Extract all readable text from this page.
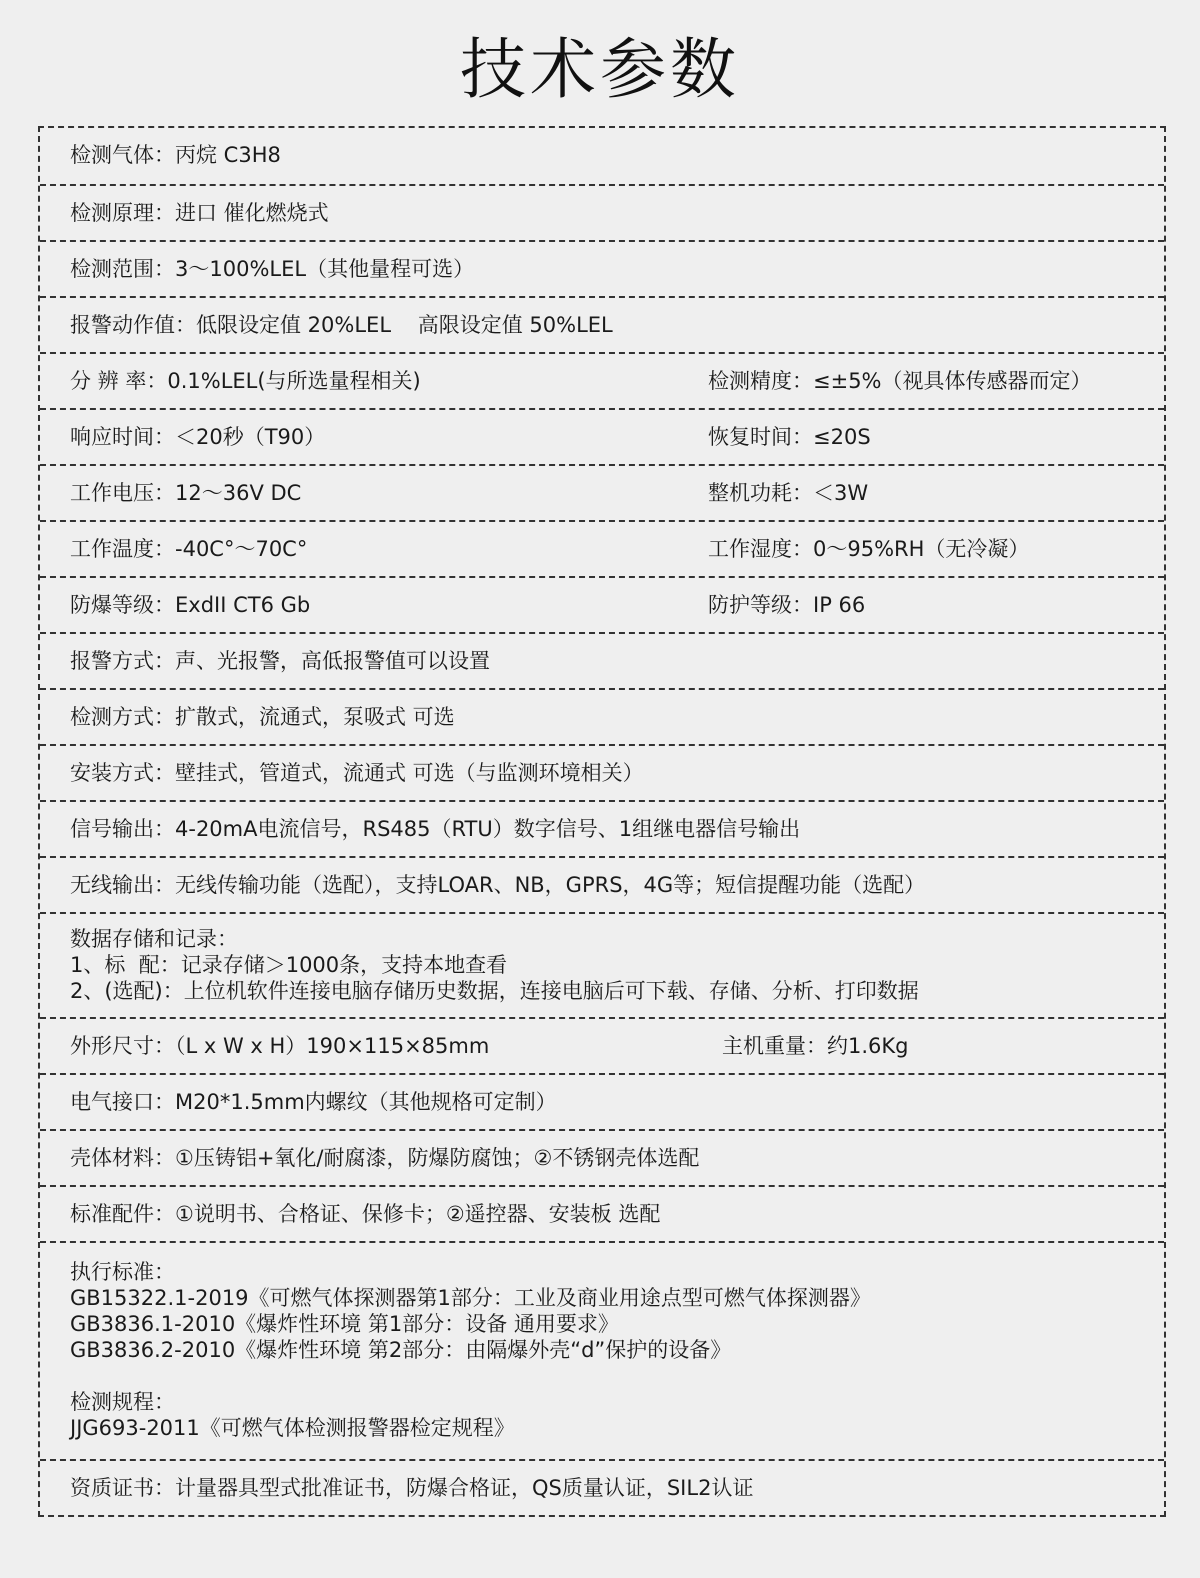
技术参数
检测气体：丙烷 C3H8
检测原理：进口 催化燃烧式
检测范围：3～100%LEL（其他量程可选）
报警动作值：低限设定值 20%LEL    高限设定值 50%LEL
分 辨 率：0.1%LEL(与所选量程相关)	检测精度：≤±5%（视具体传感器而定）
响应时间：＜20秒（T90）	恢复时间：≤20S
工作电压：12～36V DC	整机功耗：＜3W
工作温度：-40C°～70C°	工作湿度：0～95%RH（无冷凝）
防爆等级：ExdII CT6 Gb	防护等级：IP 66
报警方式：声、光报警，高低报警值可以设置
检测方式：扩散式，流通式，泵吸式 可选
安装方式：壁挂式，管道式，流通式 可选（与监测环境相关）
信号输出：4-20mA电流信号，RS485（RTU）数字信号、1组继电器信号输出
无线输出：无线传输功能（选配），支持LOAR、NB，GPRS，4G等；短信提醒功能（选配）
数据存储和记录：
1、标  配：记录存储＞1000条，支持本地查看
2、(选配)：上位机软件连接电脑存储历史数据，连接电脑后可下载、存储、分析、打印数据
外形尺寸：（L x W x H）190×115×85mm	主机重量：约1.6Kg
电气接口：M20*1.5mm内螺纹（其他规格可定制）
壳体材料：①压铸铝+氧化/耐腐漆，防爆防腐蚀；②不锈钢壳体选配
标准配件：①说明书、合格证、保修卡；②遥控器、安装板 选配
执行标准：
GB15322.1-2019《可燃气体探测器第1部分：工业及商业用途点型可燃气体探测器》
GB3836.1-2010《爆炸性环境 第1部分：设备 通用要求》
GB3836.2-2010《爆炸性环境 第2部分：由隔爆外壳“d”保护的设备》
检测规程：
JJG693-2011《可燃气体检测报警器检定规程》
资质证书：计量器具型式批准证书，防爆合格证，QS质量认证，SIL2认证
